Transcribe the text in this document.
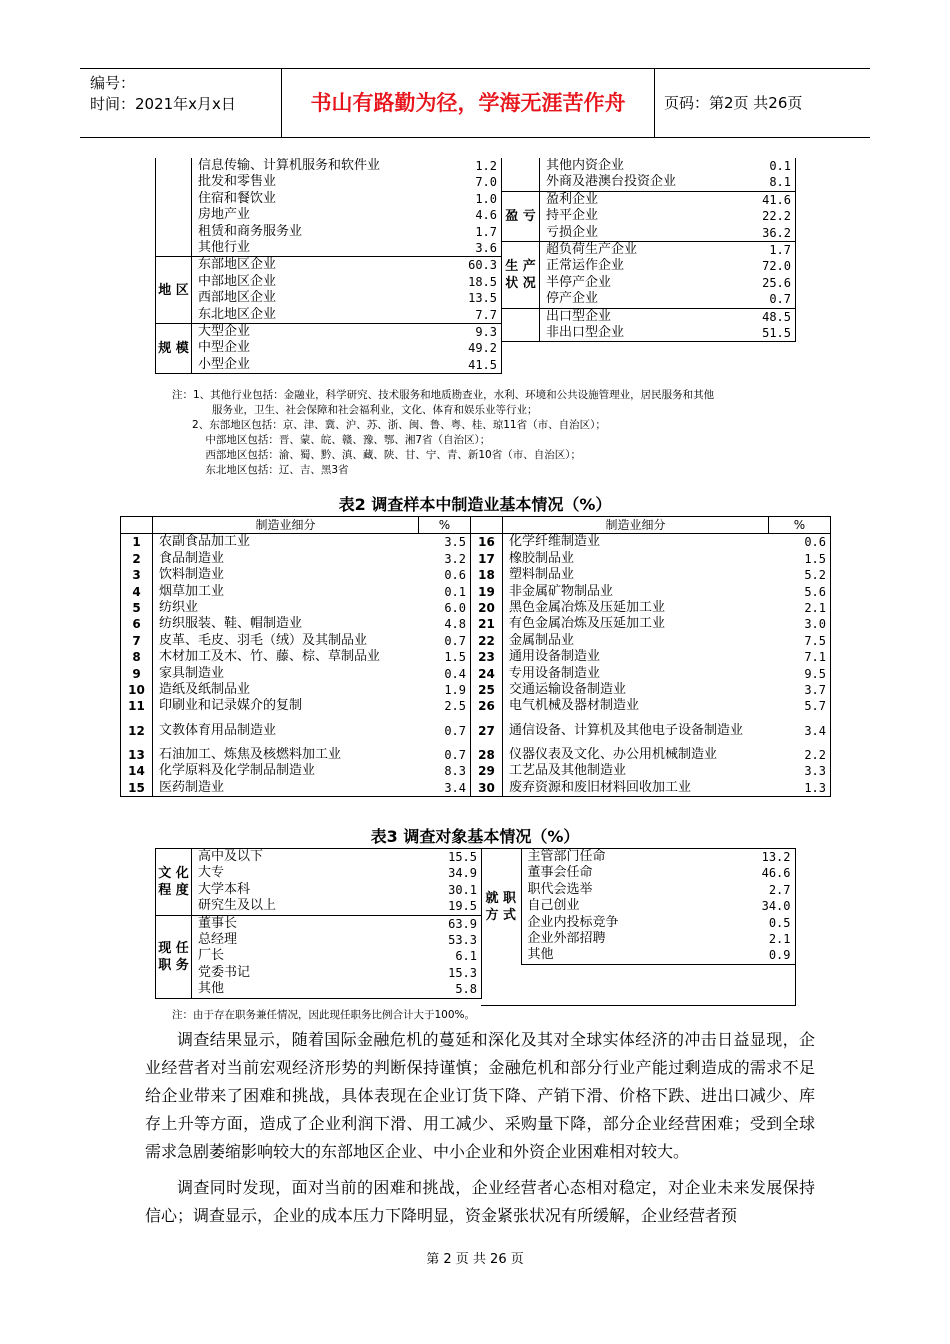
编号：
时间：2021年x月x日	书山有路勤为径，学海无涯苦作舟	页码：第2页 共26页
	信息传输、计算机服务和软件业	1.2
	批发和零售业	7.0
	住宿和餐饮业	1.0
	房地产业	4.6
	租赁和商务服务业	1.7
	其他行业	3.6
地 区	东部地区企业	60.3
	中部地区企业	18.5
	西部地区企业	13.5
	东北地区企业	7.7
规 模	大型企业	9.3
	中型企业	49.2
	小型企业	41.5
	其他内资企业	0.1
	外商及港澳台投资企业	8.1
盈 亏	盈利企业	41.6
	持平企业	22.2
	亏损企业	36.2
生 产 状 况	超负荷生产企业	1.7
	正常运作企业	72.0
	半停产企业	25.6
	停产企业	0.7
	出口型企业	48.5
	非出口型企业	51.5
注：1、其他行业包括：金融业，科学研究、技术服务和地质勘查业，水利、环境和公共设施管理业，居民服务和其他
服务业，卫生、社会保障和社会福利业，文化、体育和娱乐业等行业；
2、东部地区包括：京、津、冀、沪、苏、浙、闽、鲁、粤、桂、琼11省（市、自治区）；
中部地区包括：晋、蒙、皖、赣、豫、鄂、湘7省（自治区）；
西部地区包括：渝、蜀、黔、滇、藏、陕、甘、宁、青、新10省（市、自治区）；
东北地区包括：辽、吉、黑3省
表2 调查样本中制造业基本情况（%）
	制造业细分	%		制造业细分	%
1	农副食品加工业	3.5	16	化学纤维制造业	0.6
2	食品制造业	3.2	17	橡胶制品业	1.5
3	饮料制造业	0.6	18	塑料制品业	5.2
4	烟草加工业	0.1	19	非金属矿物制品业	5.6
5	纺织业	6.0	20	黑色金属冶炼及压延加工业	2.1
6	纺织服装、鞋、帽制造业	4.8	21	有色金属冶炼及压延加工业	3.0
7	皮革、毛皮、羽毛（绒）及其制品业	0.7	22	金属制品业	7.5
8	木材加工及木、竹、藤、棕、草制品业	1.5	23	通用设备制造业	7.1
9	家具制造业	0.4	24	专用设备制造业	9.5
10	造纸及纸制品业	1.9	25	交通运输设备制造业	3.7
11	印刷业和记录媒介的复制	2.5	26	电气机械及器材制造业	5.7
12	文教体育用品制造业	0.7	27	通信设备、计算机及其他电子设备制造业	3.4
13	石油加工、炼焦及核燃料加工业	0.7	28	仪器仪表及文化、办公用机械制造业	2.2
14	化学原料及化学制品制造业	8.3	29	工艺品及其他制造业	3.3
15	医药制造业	3.4	30	废弃资源和废旧材料回收加工业	1.3
表3 调查对象基本情况（%）
文 化 程 度	高中及以下	15.5
	大专	34.9
	大学本科	30.1
	研究生及以上	19.5
现 任 职 务	董事长	63.9
	总经理	53.3
	厂长	6.1
	党委书记	15.3
	其他	5.8
就 职 方 式	主管部门任命	13.2
	董事会任命	46.6
	职代会选举	2.7
	自己创业	34.0
	企业内投标竞争	0.5
	企业外部招聘	2.1
	其他	0.9

注：由于存在职务兼任情况，因此现任职务比例合计大于100%。
调查结果显示，随着国际金融危机的蔓延和深化及其对全球实体经济的冲击日益显现，企业经营者对当前宏观经济形势的判断保持谨慎；金融危机和部分行业产能过剩造成的需求不足给企业带来了困难和挑战，具体表现在企业订货下降、产销下滑、价格下跌、进出口减少、库存上升等方面，造成了企业利润下滑、用工减少、采购量下降，部分企业经营困难；受到全球需求急剧萎缩影响较大的东部地区企业、中小企业和外资企业困难相对较大。
调查同时发现，面对当前的困难和挑战，企业经营者心态相对稳定，对企业未来发展保持信心；调查显示，企业的成本压力下降明显，资金紧张状况有所缓解，企业经营者预
第 2 页 共 26 页
